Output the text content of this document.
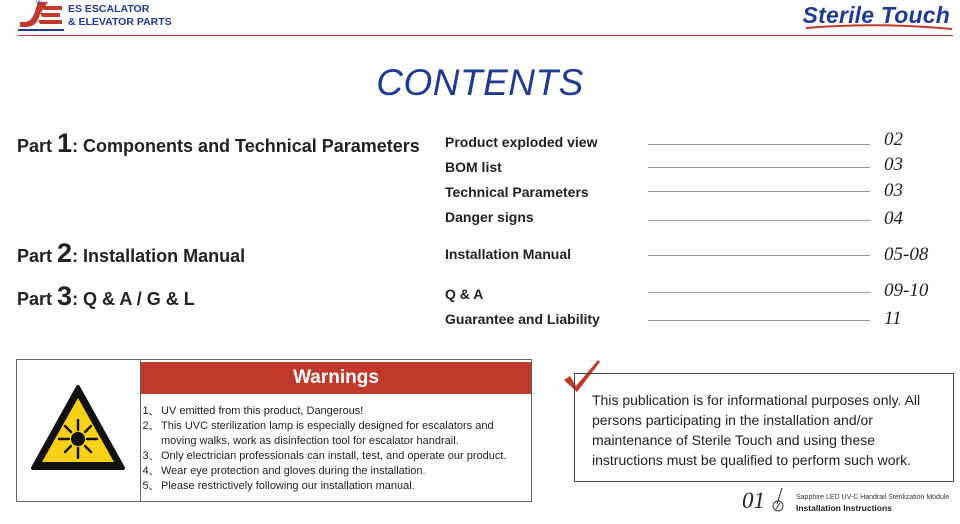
®
ES ESCALATOR
& ELEVATOR PARTS	Sterile Touch
CONTENTS
Part 1: Components and Technical Parameters
Part 2: Installation Manual
Part 3: Q & A / G & L
Product exploded view	02
BOM list	03
Technical Parameters	03
Danger signs	04
Installation Manual	05-08
Q & A	09-10
Guarantee and Liability	11
Warnings
1、 UV emitted from this product, Dangerous!
2、 This UVC sterilization lamp is especially designed for escalators and moving walks, work as disinfection tool for escalator handrail.
3、 Only electrician professionals can install, test, and operate our product.
4、 Wear eye protection and gloves during the installation.
5、 Please restrictively following our installation manual.
This publication is for informational purposes only. All persons participating in the installation and/or maintenance of Sterile Touch and using these instructions must be qualified to perform such work.
01	Sapphire LED UV-C Handrail Sterilization Module
Installation Instructions
